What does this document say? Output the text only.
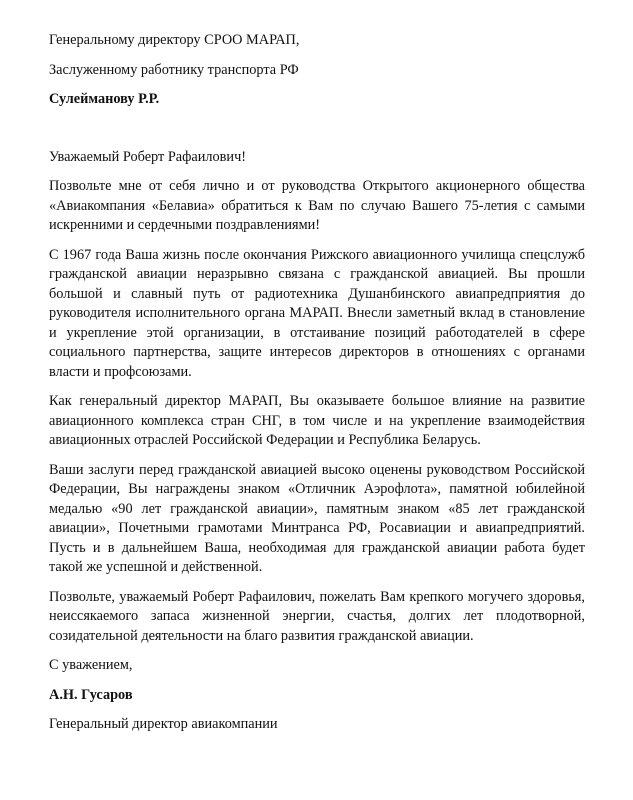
Генеральному директору СРОО МАРАП,
Заслуженному работнику транспорта РФ
Сулейманову Р.Р.
Уважаемый Роберт Рафаилович!
Позвольте мне от себя лично и от руководства Открытого акционерного общества «Авиакомпания «Белавиа» обратиться к Вам по случаю Вашего 75-летия с самыми искренними и сердечными поздравлениями!
С 1967 года Ваша жизнь после окончания Рижского авиационного училища спецслужб гражданской авиации неразрывно связана с гражданской авиацией. Вы прошли большой и славный путь от радиотехника Душанбинского авиапредприятия до руководителя исполнительного органа МАРАП. Внесли заметный вклад в становление и укрепление этой организации, в отстаивание позиций работодателей в сфере социального партнерства, защите интересов директоров в отношениях с органами власти и профсоюзами.
Как генеральный директор МАРАП, Вы оказываете большое влияние на развитие авиационного комплекса стран СНГ, в том числе и на укрепление взаимодействия авиационных отраслей Российской Федерации и Республика Беларусь.
Ваши заслуги перед гражданской авиацией высоко оценены руководством Российской Федерации, Вы награждены знаком «Отличник Аэрофлота», памятной юбилейной медалью «90 лет гражданской авиации», памятным знаком «85 лет гражданской авиации», Почетными грамотами Минтранса РФ, Росавиации и авиапредприятий. Пусть и в дальнейшем Ваша, необходимая для гражданской авиации работа будет такой же успешной и действенной.
Позвольте, уважаемый Роберт Рафаилович, пожелать Вам крепкого могучего здоровья, неиссякаемого запаса жизненной энергии, счастья, долгих лет плодотворной, созидательной деятельности на благо развития гражданской авиации.
С уважением,
А.Н. Гусаров
Генеральный директор авиакомпании
